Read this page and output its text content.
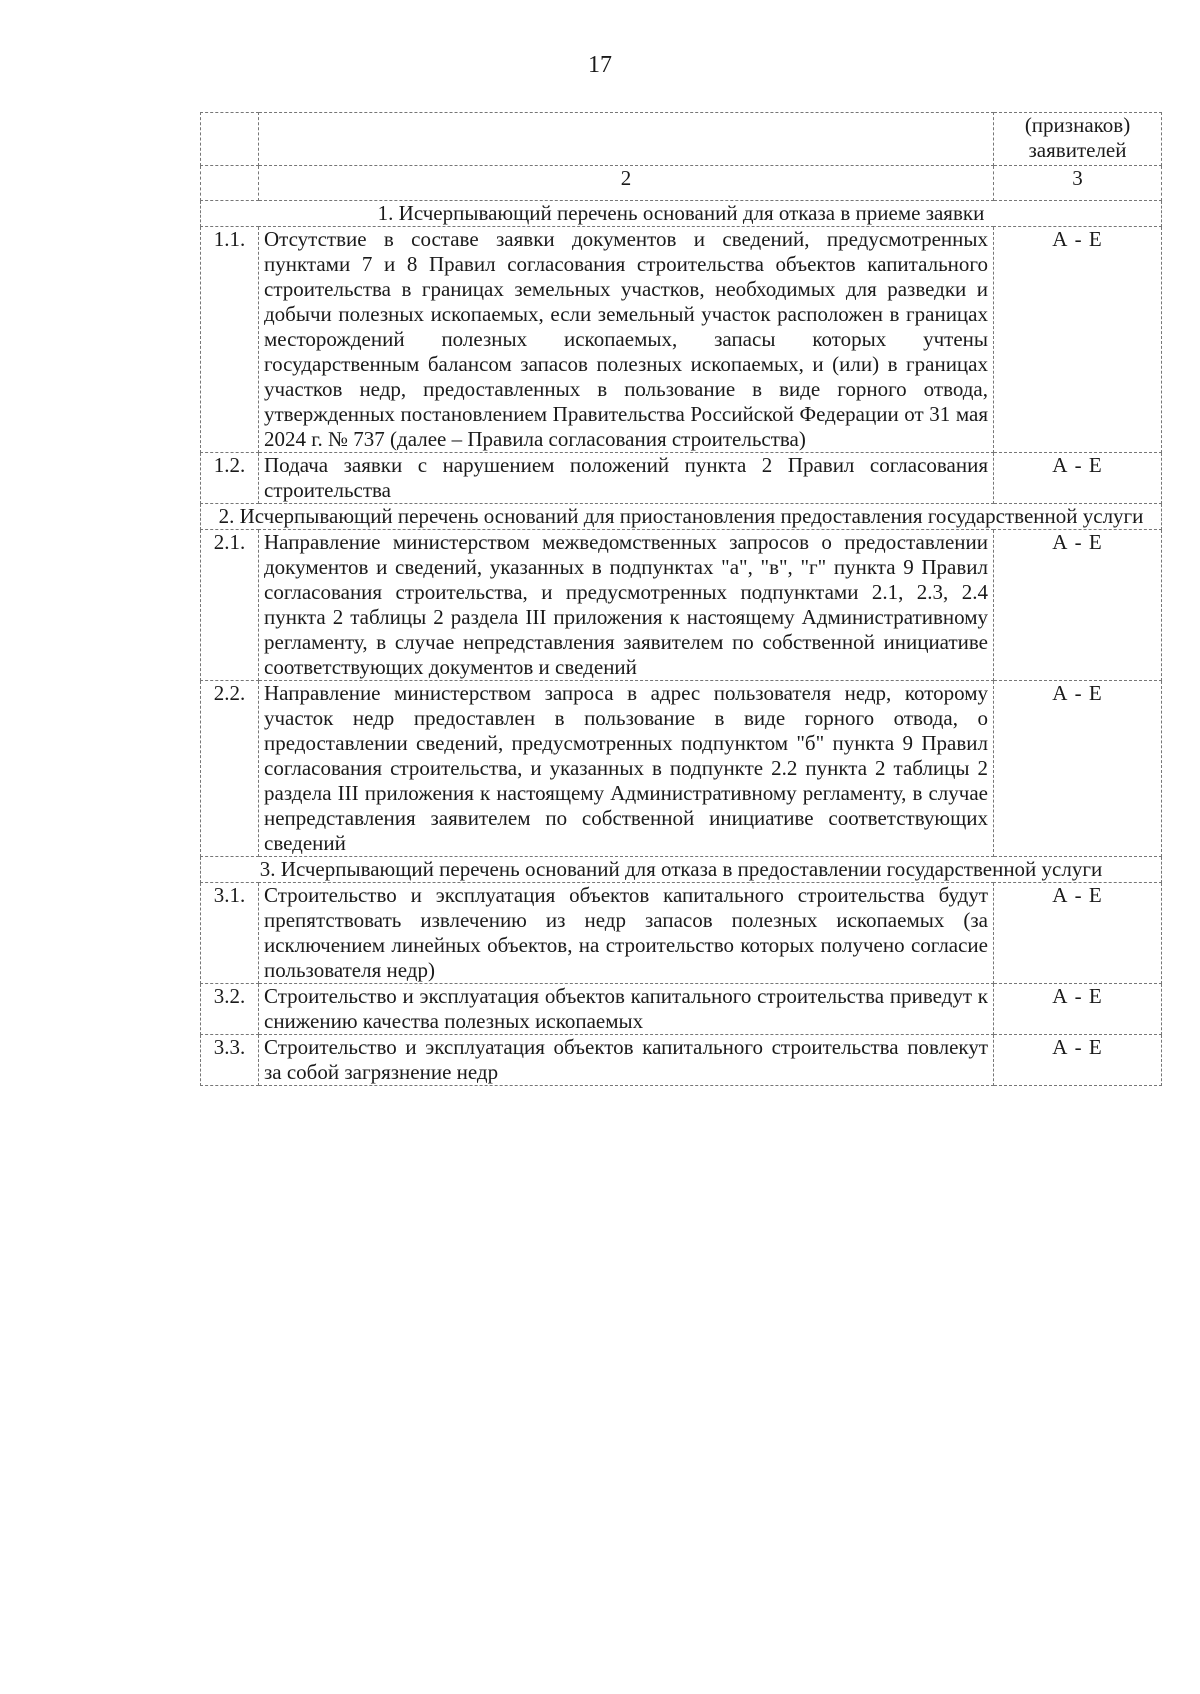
17
		(признаков) заявителей
	2	3
1. Исчерпывающий перечень оснований для отказа в приеме заявки		
1.1.	Отсутствие в составе заявки документов и сведений, предусмотренных пунктами 7 и 8 Правил согласования строительства объектов капитального строительства в границах земельных участков, необходимых для разведки и добычи полезных ископаемых, если земельный участок расположен в границах месторождений полезных ископаемых, запасы которых учтены государственным балансом запасов полезных ископаемых, и (или) в границах участков недр, предоставленных в пользование в виде горного отвода, утвержденных постановлением Правительства Российской Федерации от 31 мая 2024 г. № 737 (далее – Правила согласования строительства)	А - Е
1.2.	Подача заявки с нарушением положений пункта 2 Правил согласования строительства	А - Е
2. Исчерпывающий перечень оснований для приостановления предоставления государственной услуги		
2.1.	Направление министерством межведомственных запросов о предоставлении документов и сведений, указанных в подпунктах "а", "в", "г" пункта 9 Правил согласования строительства, и предусмотренных подпунктами 2.1, 2.3, 2.4 пункта 2 таблицы 2 раздела III приложения к настоящему Административному регламенту, в случае непредставления заявителем по собственной инициативе соответствующих документов и сведений	А - Е
2.2.	Направление министерством запроса в адрес пользователя недр, которому участок недр предоставлен в пользование в виде горного отвода, о предоставлении сведений, предусмотренных подпунктом "б" пункта 9 Правил согласования строительства, и указанных в подпункте 2.2 пункта 2 таблицы 2 раздела III приложения к настоящему Административному регламенту, в случае непредставления заявителем по собственной инициативе соответствующих сведений	А - Е
3. Исчерпывающий перечень оснований для отказа в предоставлении государственной услуги		
3.1.	Строительство и эксплуатация объектов капитального строительства будут препятствовать извлечению из недр запасов полезных ископаемых (за исключением линейных объектов, на строительство которых получено согласие пользователя недр)	А - Е
3.2.	Строительство и эксплуатация объектов капитального строительства приведут к снижению качества полезных ископаемых	А - Е
3.3.	Строительство и эксплуатация объектов капитального строительства повлекут за собой загрязнение недр	А - Е
